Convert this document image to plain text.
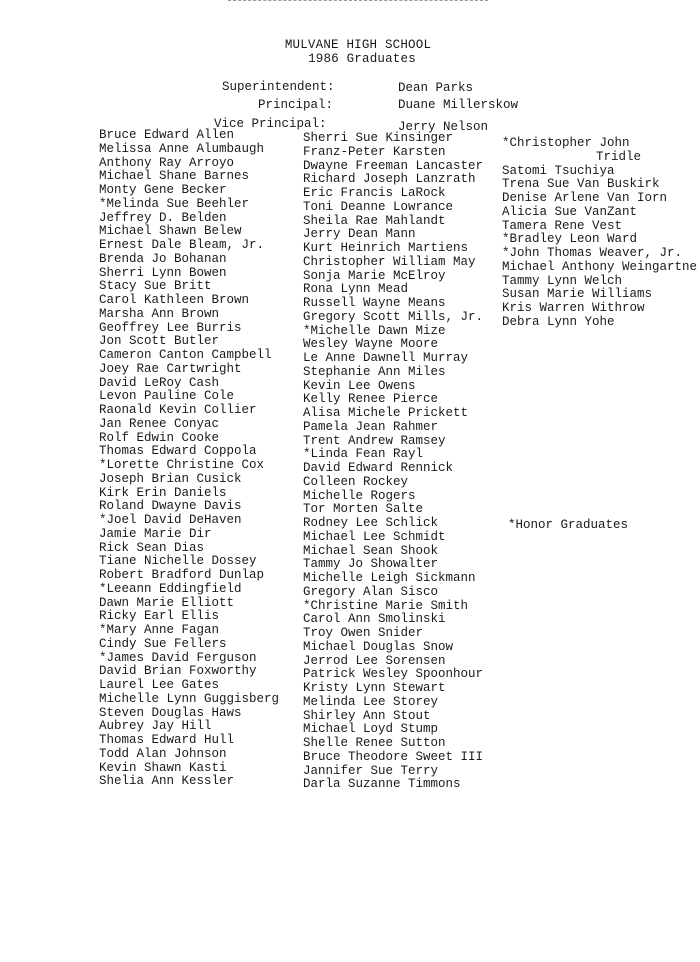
MULVANE HIGH SCHOOL
1986 Graduates
Superintendent:	Dean Parks
Principal:	Duane Millerskow
Vice Principal:	Jerry Nelson
Bruce Edward Allen
Melissa Anne Alumbaugh
Anthony Ray Arroyo
Michael Shane Barnes
Monty Gene Becker
*Melinda Sue Beehler
Jeffrey D. Belden
Michael Shawn Belew
Ernest Dale Bleam, Jr.
Brenda Jo Bohanan
Sherri Lynn Bowen
Stacy Sue Britt
Carol Kathleen Brown
Marsha Ann Brown
Geoffrey Lee Burris
Jon Scott Butler
Cameron Canton Campbell
Joey Rae Cartwright
David LeRoy Cash
Levon Pauline Cole
Raonald Kevin Collier
Jan Renee Conyac
Rolf Edwin Cooke
Thomas Edward Coppola
*Lorette Christine Cox
Joseph Brian Cusick
Kirk Erin Daniels
Roland Dwayne Davis
*Joel David DeHaven
Jamie Marie Dir
Rick Sean Dias
Tiane Nichelle Dossey
Robert Bradford Dunlap
*Leeann Eddingfield
Dawn Marie Elliott
Ricky Earl Ellis
*Mary Anne Fagan
Cindy Sue Fellers
*James David Ferguson
David Brian Foxworthy
Laurel Lee Gates
Michelle Lynn Guggisberg
Steven Douglas Haws
Aubrey Jay Hill
Thomas Edward Hull
Todd Alan Johnson
Kevin Shawn Kasti
Shelia Ann Kessler
Sherri Sue Kinsinger
Franz-Peter Karsten
Dwayne Freeman Lancaster
Richard Joseph Lanzrath
Eric Francis LaRock
Toni Deanne Lowrance
Sheila Rae Mahlandt
Jerry Dean Mann
Kurt Heinrich Martiens
Christopher William May
Sonja Marie McElroy
Rona Lynn Mead
Russell Wayne Means
Gregory Scott Mills, Jr.
*Michelle Dawn Mize
Wesley Wayne Moore
Le Anne Dawnell Murray
Stephanie Ann Miles
Kevin Lee Owens
Kelly Renee Pierce
Alisa Michele Prickett
Pamela Jean Rahmer
Trent Andrew Ramsey
*Linda Fean Rayl
David Edward Rennick
Colleen Rockey
Michelle Rogers
Tor Morten Salte
Rodney Lee Schlick
Michael Lee Schmidt
Michael Sean Shook
Tammy Jo Showalter
Michelle Leigh Sickmann
Gregory Alan Sisco
*Christine Marie Smith
Carol Ann Smolinski
Troy Owen Snider
Michael Douglas Snow
Jerrod Lee Sorensen
Patrick Wesley Spoonhour
Kristy Lynn Stewart
Melinda Lee Storey
Shirley Ann Stout
Michael Loyd Stump
Shelle Renee Sutton
Bruce Theodore Sweet III
Jannifer Sue Terry
Darla Suzanne Timmons
*Christopher John
Tridle
Satomi Tsuchiya
Trena Sue Van Buskirk
Denise Arlene Van Iorn
Alicia Sue VanZant
Tamera Rene Vest
*Bradley Leon Ward
*John Thomas Weaver, Jr.
Michael Anthony Weingartne
Tammy Lynn Welch
Susan Marie Williams
Kris Warren Withrow
Debra Lynn Yohe
*Honor Graduates
